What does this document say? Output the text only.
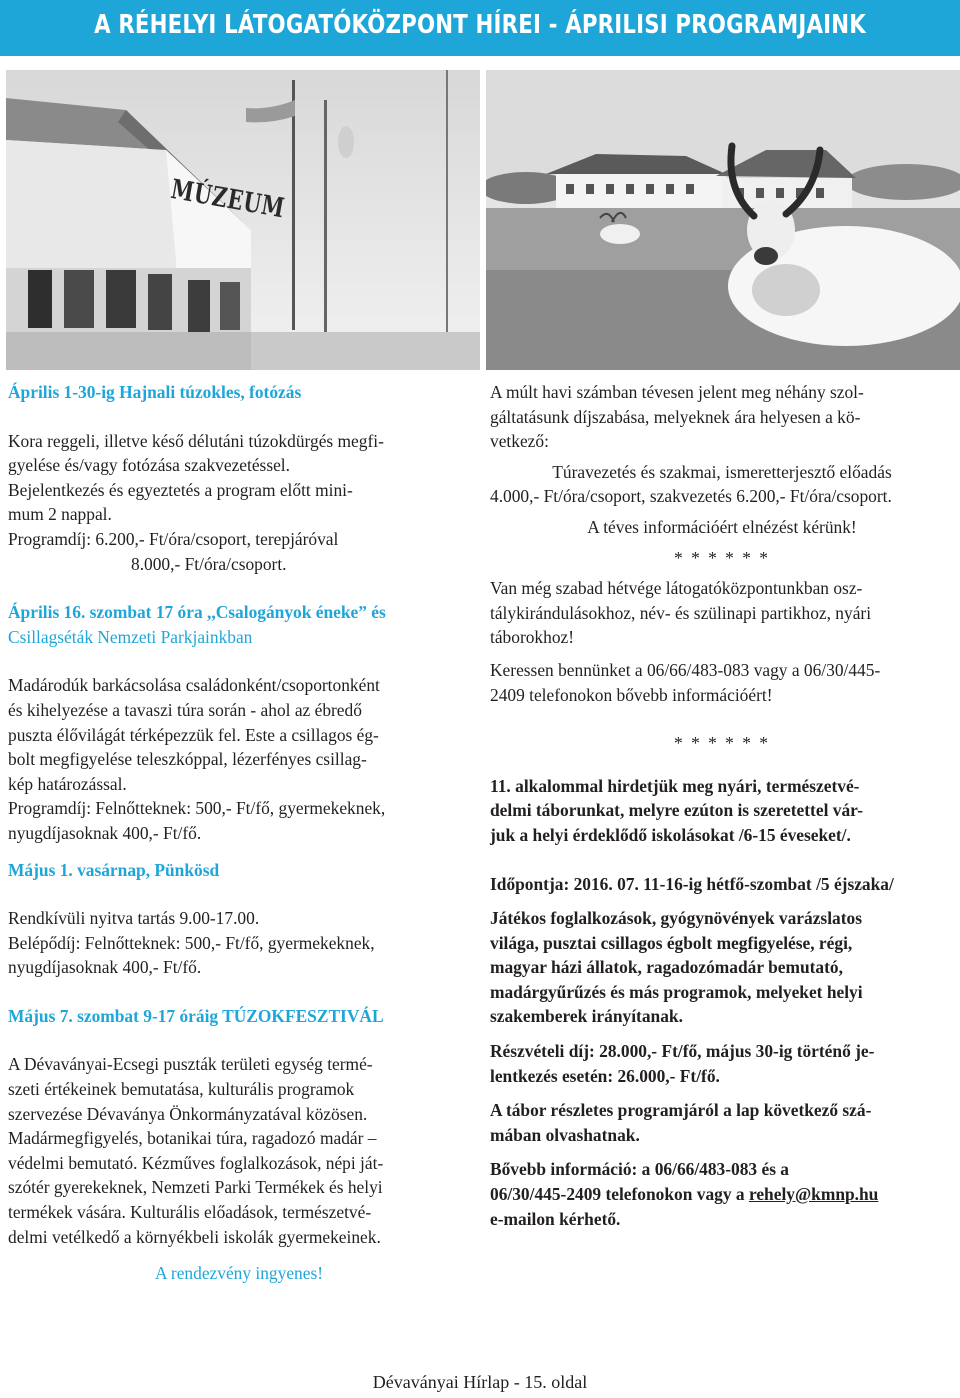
A RÉHELYI LÁTOGATÓKÖZPONT HÍREI - ÁPRILISI PROGRAMJAINK
MÚZEUM

Április 1-30-ig Hajnali túzokles, fotózás

Kora reggeli, illetve késő délutáni túzokdürgés megfi-

gyelése és/vagy fotózása szakvezetéssel.

Bejelentkezés és egyeztetés a program előtt mini-

mum 2 nappal.

Programdíj: 6.200,- Ft/óra/csoport, terepjáróval

8.000,- Ft/óra/csoport.

Április 16. szombat 17 óra ,,Csalogányok éneke” és

Csillagséták Nemzeti Parkjainkban

Madárodúk barkácsolása családonként/csoportonként

és kihelyezése a tavaszi túra során - ahol az ébredő

puszta élővilágát térképezzük fel. Este a csillagos ég-

bolt megfigyelése teleszkóppal, lézerfényes csillag-

kép határozással.

Programdíj: Felnőtteknek: 500,- Ft/fő, gyermekeknek,

nyugdíjasoknak 400,- Ft/fő.

Május 1. vasárnap, Pünkösd

Rendkívüli nyitva tartás 9.00-17.00.

Belépődíj: Felnőtteknek: 500,- Ft/fő, gyermekeknek,

nyugdíjasoknak 400,- Ft/fő.

Május 7. szombat 9-17 óráig TÚZOKFESZTIVÁL

A Dévaványai-Ecsegi puszták területi egység termé-

szeti értékeinek bemutatása, kulturális programok

szervezése Dévaványa Önkormányzatával közösen.

Madármegfigyelés, botanikai túra, ragadozó madár –

védelmi bemutató. Kézműves foglalkozások, népi ját-

szótér gyerekeknek, Nemzeti Parki Termékek és helyi

termékek vására. Kulturális előadások, természetvé-

delmi vetélkedő a környékbeli iskolák gyermekeinek.

A rendezvény ingyenes!

A múlt havi számban tévesen jelent meg néhány szol-

gáltatásunk díjszabása, melyeknek ára helyesen a kö-

vetkező:

Túravezetés és szakmai, ismeretterjesztő előadás

4.000,- Ft/óra/csoport, szakvezetés 6.200,- Ft/óra/csoport.

A téves információért elnézést kérünk!

* * * * * *

Van még szabad hétvége látogatóközpontunkban osz-

tálykirándulásokhoz, név- és szülinapi partikhoz, nyári

táborokhoz!

Keressen bennünket a 06/66/483-083 vagy a 06/30/445-

2409 telefonokon bővebb információért!

* * * * * *

11. alkalommal hirdetjük meg nyári, természetvé-

delmi táborunkat, melyre ezúton is szeretettel vár-

juk a helyi érdeklődő iskolásokat /6-15 éveseket/.

Időpontja: 2016. 07. 11-16-ig hétfő-szombat /5 éjszaka/

Játékos foglalkozások, gyógynövények varázslatos

világa, pusztai csillagos égbolt megfigyelése, régi,

magyar házi állatok, ragadozómadár bemutató,

madárgyűrűzés és más programok, melyeket helyi

szakemberek irányítanak.

Részvételi díj: 28.000,- Ft/fő, május 30-ig történő je-

lentkezés esetén: 26.000,- Ft/fő.

A tábor részletes programjáról a lap következő szá-

mában olvashatnak.

Bővebb információ: a 06/66/483-083 és a

06/30/445-2409 telefonokon vagy a rehely@kmnp.hu

e-mailon kérhető.

Dévaványai Hírlap - 15. oldal
